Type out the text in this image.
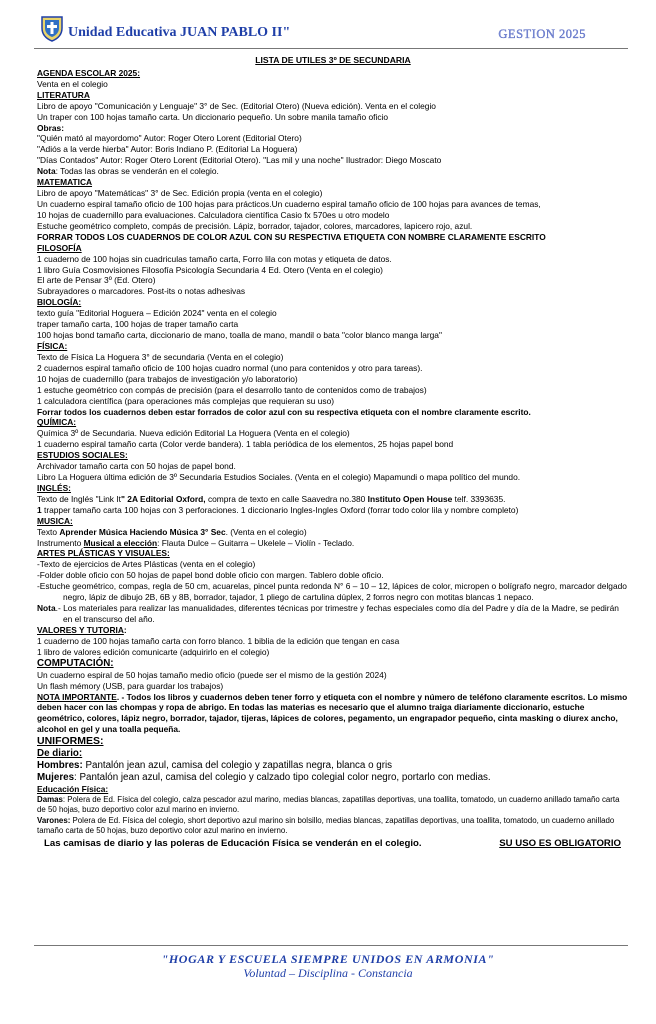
Unidad Educativa JUAN PABLO II"	GESTION 2025

LISTA DE UTILES 3º DE SECUNDARIA

AGENDA ESCOLAR 2025:

Venta en el colegio

LITERATURA

Libro de apoyo "Comunicación y Lenguaje" 3° de Sec. (Editorial Otero) (Nueva edición). Venta en el colegio

Un traper con 100 hojas tamaño carta. Un diccionario pequeño. Un sobre manila tamaño oficio

Obras:

"Quién mató al mayordomo" Autor: Roger Otero Lorent (Editorial Otero)

"Adiós a la verde hierba" Autor: Boris Indiano P. (Editorial La Hoguera)

"Días Contados" Autor: Roger Otero Lorent (Editorial Otero). "Las mil y una noche" Ilustrador: Diego Moscato

Nota: Todas las obras se venderán en el colegio.

MATEMATICA

Libro de apoyo "Matemáticas" 3° de Sec. Edición propia (venta en el colegio)

Un cuaderno espiral tamaño oficio de 100 hojas para prácticos.Un cuaderno espiral tamaño oficio de 100 hojas para avances de temas,

10 hojas de cuadernillo para evaluaciones. Calculadora científica Casio fx 570es u otro modelo

Estuche geométrico completo, compás de precisión. Lápiz, borrador, tajador, colores, marcadores, lapicero rojo, azul.

FORRAR TODOS LOS CUADERNOS DE COLOR AZUL CON SU RESPECTIVA ETIQUETA CON NOMBRE CLARAMENTE ESCRITO

FILOSOFÍA

1 cuaderno de 100 hojas sin cuadriculas tamaño carta, Forro lila con motas y etiqueta de datos.

1 libro Guía Cosmovisiones Filosofía Psicología Secundaria 4 Ed. Otero (Venta en el colegio)

El arte de Pensar 3º (Ed. Otero)

Subrayadores o marcadores. Post-its o notas adhesivas

BIOLOGÍA:

texto guía "Editorial Hoguera – Edición 2024" venta en el colegio

traper tamaño carta, 100 hojas de traper tamaño carta

100 hojas bond tamaño carta, diccionario de mano, toalla de mano, mandil o bata "color blanco manga larga"

FÍSICA:

Texto de Física La Hoguera 3° de secundaria (Venta en el colegio)

2 cuadernos espiral tamaño oficio de 100 hojas cuadro normal (uno para contenidos y otro para tareas).

10 hojas de cuadernillo (para trabajos de investigación y/o laboratorio)

1 estuche geométrico con compás de precisión (para el desarrollo tanto de contenidos como de trabajos)

1 calculadora científica (para operaciones más complejas que requieran su uso)

Forrar todos los cuadernos deben estar forrados de color azul con su respectiva etiqueta con el nombre claramente escrito.

QUÍMICA:

Química 3º de Secundaria. Nueva edición Editorial La Hoguera (Venta en el colegio)

1 cuaderno espiral tamaño carta (Color verde bandera). 1 tabla periódica de los elementos, 25 hojas papel bond

ESTUDIOS SOCIALES:

Archivador tamaño carta con 50 hojas de papel bond.

Libro La Hoguera última edición de 3º Secundaria Estudios Sociales. (Venta en el colegio) Mapamundi o mapa político del mundo.

INGLÉS:

Texto de Inglés "Link It" 2A Editorial Oxford, compra de texto en calle Saavedra no.380 Instituto Open House telf. 3393635.

1 trapper tamaño carta 100 hojas con 3 perforaciones. 1 diccionario Ingles-Ingles Oxford (forrar todo color lila y nombre completo)

MUSICA:

Texto Aprender Música Haciendo Música 3° Sec. (Venta en el colegio)

Instrumento Musical a elección: Flauta Dulce – Guitarra – Ukelele – Violín - Teclado.

ARTES PLÁSTICAS Y VISUALES:

-Texto de ejercicios de Artes Plásticas (venta en el colegio)

-Folder doble oficio con 50 hojas de papel bond doble oficio con margen. Tablero doble oficio.

-Estuche geométrico, compas, regla de 50 cm, acuarelas, pincel punta redonda N° 6 – 10 – 12, lápices de color, micropen o bolígrafo negro, marcador delgado negro, lápiz de dibujo 2B, 6B y 8B, borrador, tajador, 1 pliego de cartulina dúplex, 2 forros negro con motitas blancas 1 nepaco.

Nota.- Los materiales para realizar las manualidades, diferentes técnicas por trimestre y fechas especiales como día del Padre y día de la Madre, se pedirán en el transcurso del año.

VALORES Y TUTORIA:

1 cuaderno de 100 hojas tamaño carta con forro blanco. 1 biblia de la edición que tengan en casa

1 libro de valores edición comunicarte (adquirirlo en el colegio)

COMPUTACIÓN:

Un cuaderno espiral de 50 hojas tamaño medio oficio (puede ser el mismo de la gestión 2024)

Un flash mémory (USB, para guardar los trabajos)

NOTA IMPORTANTE. - Todos los libros y cuadernos deben tener forro y etiqueta con el nombre y número de teléfono claramente escritos. Lo mismo deben hacer con las chompas y ropa de abrigo. En todas las materias es necesario que el alumno traiga diariamente diccionario, estuche geométrico, colores, lápiz negro, borrador, tajador, tijeras, lápices de colores, pegamento, un engrapador pequeño, cinta masking o diurex ancho, alcohol en gel y una toalla pequeña.

UNIFORMES:

De diario:

Hombres: Pantalón jean azul, camisa del colegio y zapatillas negra, blanca o gris

Mujeres: Pantalón jean azul, camisa del colegio y calzado tipo colegial color negro, portarlo con medias.

Educación Física:

Damas: Polera de Ed. Física del colegio, calza pescador azul marino, medias blancas, zapatillas deportivas, una toallita, tomatodo, un cuaderno anillado tamaño carta de 50 hojas, buzo deportivo color azul marino en invierno.

Varones: Polera de Ed. Física del colegio, short deportivo azul marino sin bolsillo, medias blancas, zapatillas deportivas, una toallita, tomatodo, un cuaderno anillado tamaño carta de 50 hojas, buzo deportivo color azul marino en invierno.

Las camisas de diario y las poleras de Educación Física se venderán en el colegio.	SU USO ES OBLIGATORIO
"HOGAR Y ESCUELA SIEMPRE UNIDOS EN ARMONIA"
Voluntad – Disciplina - Constancia
